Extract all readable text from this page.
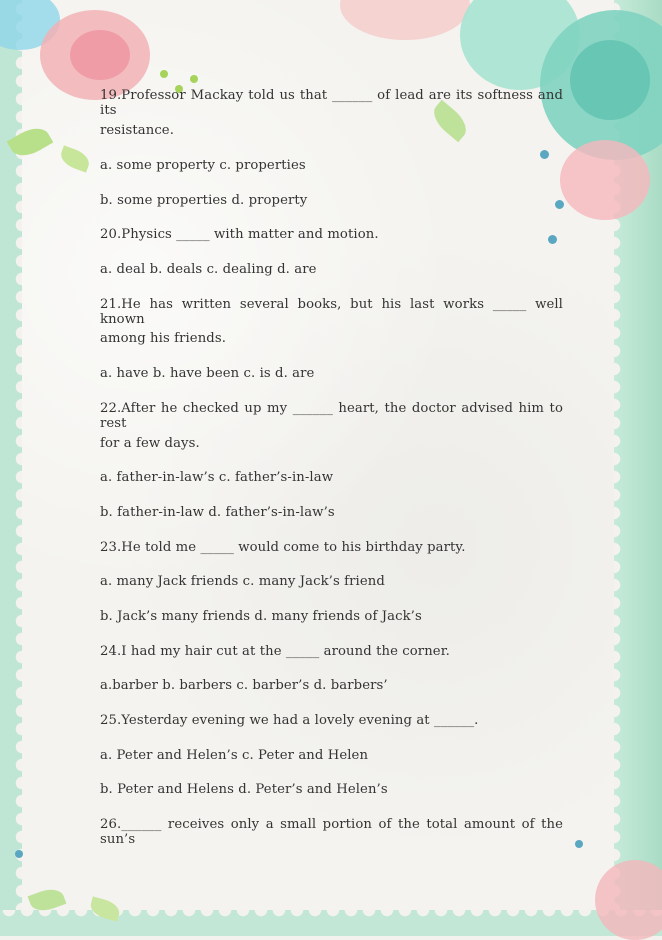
19.Professor Mackay told us that ______ of lead are its softness and its
resistance.
a. some property c. properties
b. some properties d. property
20.Physics _____ with matter and motion.
a. deal b. deals c. dealing d. are
21.He has written several books, but his last works _____ well known
among his friends.
a. have b. have been c. is d. are
22.After he checked up my ______ heart, the doctor advised him to rest
for a few days.
a. father-in-law’s c. father’s-in-law
b. father-in-law d. father’s-in-law’s
23.He told me _____ would come to his birthday party.
a. many Jack friends c. many Jack’s friend
b. Jack’s many friends d. many friends of Jack’s
24.I had my hair cut at the _____ around the corner.
a.barber b. barbers c. barber’s d. barbers’
25.Yesterday evening we had a lovely evening at ______.
a. Peter and Helen’s c. Peter and Helen
b. Peter and Helens d. Peter’s and Helen’s
26.______ receives only a small portion of the total amount of the sun’s
